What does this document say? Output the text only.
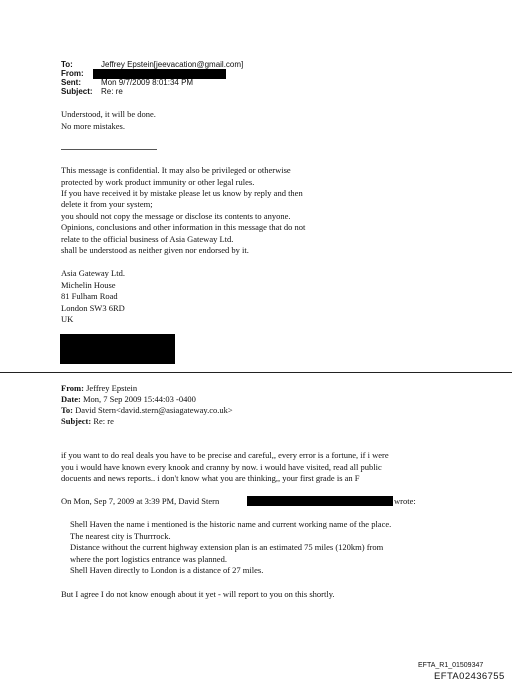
To:	Jeffrey Epstein[jeevacation@gmail.com]
From:
Sent:	Mon 9/7/2009 8:01:34 PM
Subject: Re: re
Understood, it will be done.
No more mistakes.
This message is confidential. It may also be privileged or otherwise
protected by work product immunity or other legal rules.
If you have received it by mistake please let us know by reply and then
delete it from your system;
you should not copy the message or disclose its contents to anyone.
Opinions, conclusions and other information in this message that do not
relate to the official business of Asia Gateway Ltd.
shall be understood as neither given nor endorsed by it.
Asia Gateway Ltd.
Michelin House
81 Fulham Road
London SW3 6RD
UK
From: Jeffrey Epstein
Date: Mon, 7 Sep 2009 15:44:03 -0400
To: David Stern<david.stern@asiagateway.co.uk>
Subject: Re: re
if you want to do real deals you have to be precise and careful,, every error is a fortune, if i were
you i would have known every knook and cranny by now. i would have visited, read all public
docuents and news reports.. i don't know what you are thinking,, your first grade is an F
On Mon, Sep 7, 2009 at 3:39 PM, David Stern	wrote:
Shell Haven the name i mentioned is the historic name and current working name of the place.
The nearest city is Thurrrock.
Distance without the current highway extension plan is an estimated 75 miles (120km) from
where the port logistics entrance was planned.
Shell Haven directly to London is a distance of 27 miles.
But I agree I do not know enough about it yet - will report to you on this shortly.
EFTA_R1_01509347
EFTA02436755
